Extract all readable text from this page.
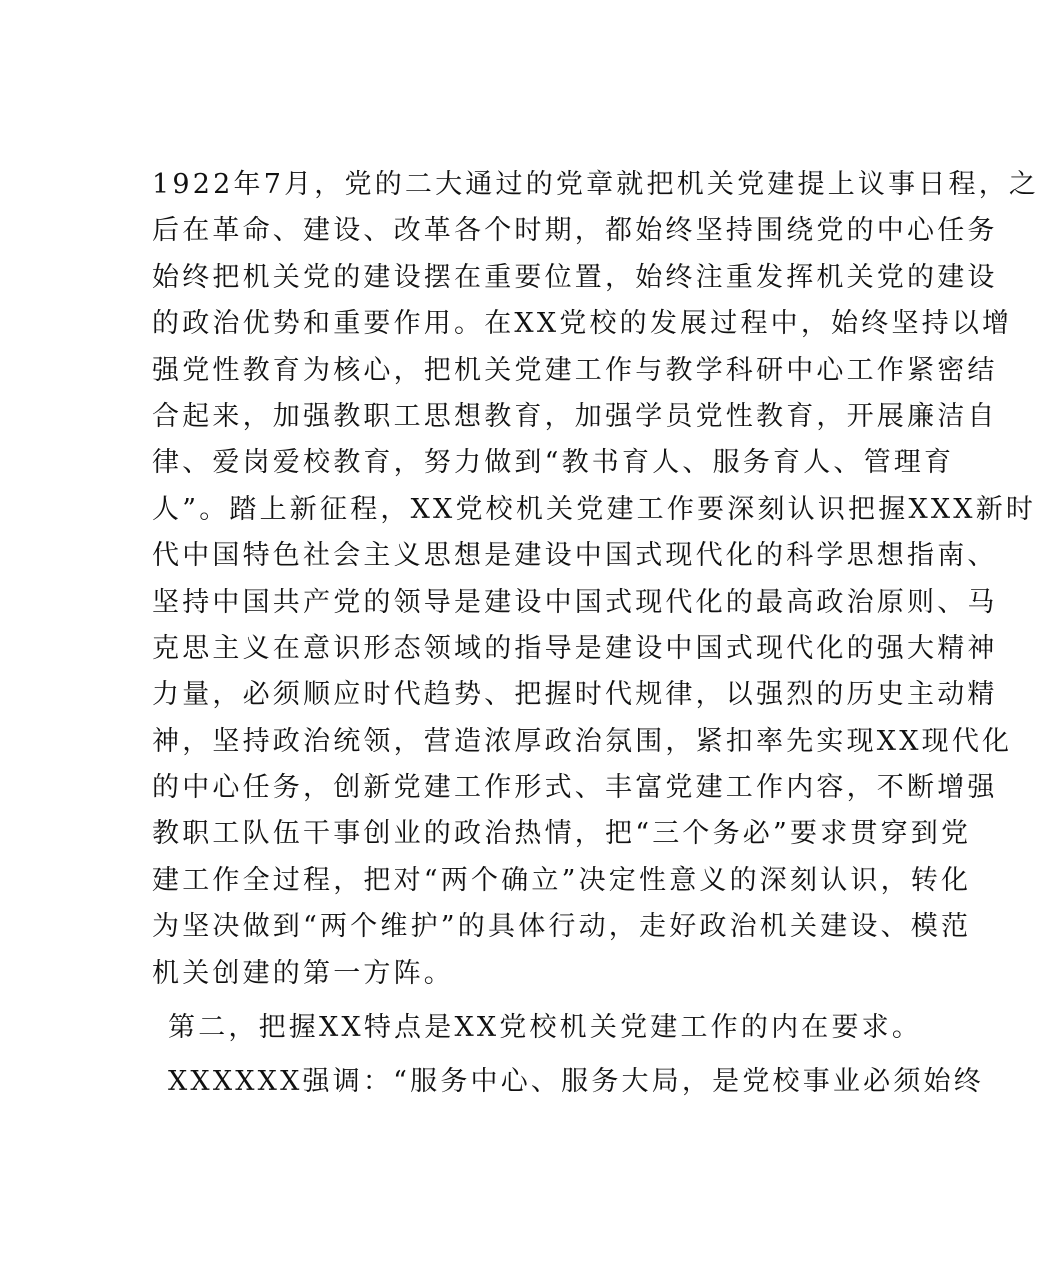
1922年7月，党的二大通过的党章就把机关党建提上议事日程，之
后在革命、建设、改革各个时期，都始终坚持围绕党的中心任务
始终把机关党的建设摆在重要位置，始终注重发挥机关党的建设
的政治优势和重要作用。在XX党校的发展过程中，始终坚持以增
强党性教育为核心，把机关党建工作与教学科研中心工作紧密结
合起来，加强教职工思想教育，加强学员党性教育，开展廉洁自
律、爱岗爱校教育，努力做到“教书育人、服务育人、管理育
人”。踏上新征程，XX党校机关党建工作要深刻认识把握XXX新时
代中国特色社会主义思想是建设中国式现代化的科学思想指南、
坚持中国共产党的领导是建设中国式现代化的最高政治原则、马
克思主义在意识形态领域的指导是建设中国式现代化的强大精神
力量，必须顺应时代趋势、把握时代规律，以强烈的历史主动精
神，坚持政治统领，营造浓厚政治氛围，紧扣率先实现XX现代化
的中心任务，创新党建工作形式、丰富党建工作内容，不断增强
教职工队伍干事创业的政治热情，把“三个务必”要求贯穿到党
建工作全过程，把对“两个确立”决定性意义的深刻认识，转化
为坚决做到“两个维护”的具体行动，走好政治机关建设、模范
机关创建的第一方阵。
第二，把握XX特点是XX党校机关党建工作的内在要求。
XXXXXX强调：“服务中心、服务大局，是党校事业必须始终
